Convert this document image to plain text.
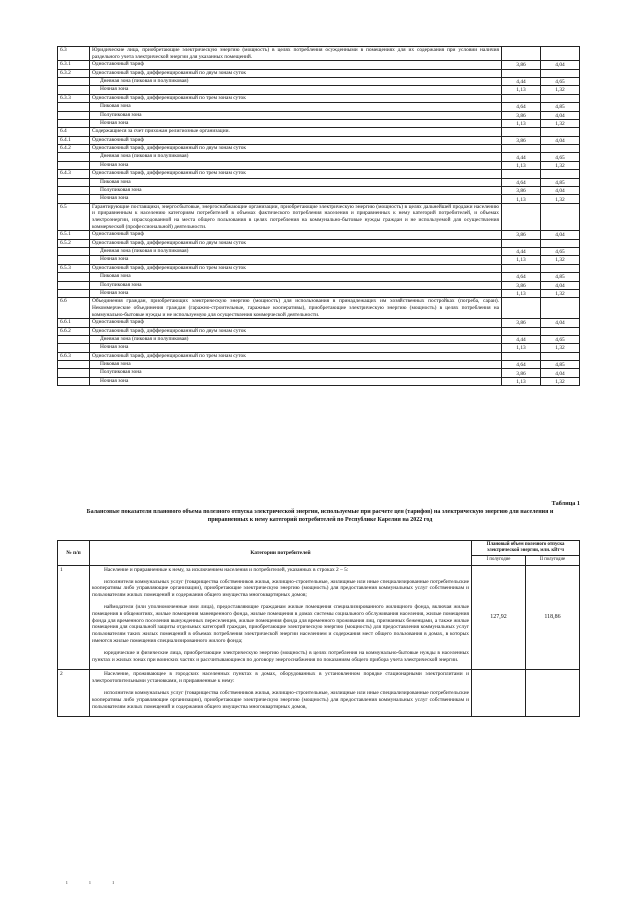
6.3	Юридические лица, приобретающие электрическую энергию (мощность) в целях потребления осужденными в помещениях для их содержания при условии наличия раздельного учета электрической энергии для указанных помещений.		
6.3.1	Одноставочный тариф	3,86	4,04
6.3.2	Одноставочный тариф, дифференцированный по двум зонам суток		
	Дневная зона (пиковая и полупиковая)	4,44	4,65
	Ночная зона	1,13	1,32
6.3.3	Одноставочный тариф, дифференцированный по трем зонам суток		
	Пиковая зона	4,64	4,85
	Полупиковая зона	3,86	4,04
	Ночная зона	1,13	1,32
6.4	Содержащиеся за счет прихожан религиозные организации.		
6.4.1	Одноставочный тариф	3,86	4,04
6.4.2	Одноставочный тариф, дифференцированный по двум зонам суток		
	Дневная зона (пиковая и полупиковая)	4,44	4,65
	Ночная зона	1,13	1,32
6.4.3	Одноставочный тариф, дифференцированный по трем зонам суток		
	Пиковая зона	4,64	4,85
	Полупиковая зона	3,86	4,04
	Ночная зона	1,13	1,32
6.5	Гарантирующие поставщики, энергосбытовые, энергоснабжающие организации, приобретающие электрическую энергию (мощность) в целях дальнейшей продажи населению и приравненным к населению категориям потребителей в объемах фактического потребления населения и приравненных к нему категорий потребителей, и объемах электроэнергии, израсходованной на места общего пользования в целях потребления на коммунально-бытовые нужды граждан и не используемой для осуществления коммерческой (профессиональной) деятельности.		
6.5.1	Одноставочный тариф	3,86	4,04
6.5.2	Одноставочный тариф, дифференцированный по двум зонам суток		
	Дневная зона (пиковая и полупиковая)	4,44	4,65
	Ночная зона	1,13	1,32
6.5.3	Одноставочный тариф, дифференцированный по трем зонам суток		
	Пиковая зона	4,64	4,85
	Полупиковая зона	3,86	4,04
	Ночная зона	1,13	1,32
6.6	Объединения граждан, приобретающих электрическую энергию (мощность) для использования в принадлежащих им хозяйственных постройках (погреба, сараи). Некоммерческие объединения граждан (гаражно-строительные, гаражные кооперативы), приобретающие электрическую энергию (мощность) в целях потребления на коммунально-бытовые нужды и не используемую для осуществления коммерческой деятельности.		
6.6.1	Одноставочный тариф	3,86	4,04
6.6.2	Одноставочный тариф, дифференцированный по двум зонам суток		
	Дневная зона (пиковая и полупиковая)	4,44	4,65
	Ночная зона	1,13	1,32
6.6.3	Одноставочный тариф, дифференцированный по трем зонам суток		
	Пиковая зона	4,64	4,85
	Полупиковая зона	3,86	4,04
	Ночная зона	1,13	1,32
Таблица 1
Балансовые показатели планового объема полезного отпуска электрической энергии, используемые при расчете цен (тарифов) на электрическую энергию для населения и приравненных к нему категорий потребителей по Республике Карелия на 2022 год
№ п/п	Категории потребителей	Плановый объем полезного отпуска электрической энергии, млн. кВт·ч	
		I полугодие	II полугодие
1	Население и приравненные к нему, за исключением населения и потребителей, указанных в строках 2 – 5:

исполнители коммунальных услуг (товарищества собственников жилья, жилищно-строительные, жилищные или иные специализированные потребительские кооперативы либо управляющие организации), приобретающие электрическую энергию (мощность) для предоставления коммунальных услуг собственникам и пользователям жилых помещений и содержания общего имущества многоквартирных домов;

наймодатели (или уполномоченные ими лица), предоставляющие гражданам жилые помещения специализированного жилищного фонда, включая жилые помещения в общежитиях, жилые помещения маневренного фонда, жилые помещения в домах системы социального обслуживания населения, жилые помещения фонда для временного поселения вынужденных переселенцев, жилые помещения фонда для временного проживания лиц, признанных беженцами, а также жилые помещения для социальной защиты отдельных категорий граждан, приобретающие электрическую энергию (мощность) для предоставления коммунальных услуг пользователям таких жилых помещений в объемах потребления электрической энергии населением и содержания мест общего пользования в домах, в которых имеются жилые помещения специализированного жилого фонда;

юридические и физические лица, приобретающие электрическую энергию (мощность) в целях потребления на коммунально-бытовые нужды в населенных пунктах и жилых зонах при воинских частях и рассчитывающиеся по договору энергоснабжения по показаниям общего прибора учета электрической энергии.	127,92	118,86
2	Население, проживающее в городских населенных пунктах в домах, оборудованных в установленном порядке стационарными электроплитами и электроотопительными установками, и приравненные к нему:

исполнители коммунальных услуг (товарищества собственников жилья, жилищно-строительные, жилищные или иные специализированные потребительские кооперативы либо управляющие организации), приобретающие электрическую энергию (мощность) для предоставления коммунальных услуг собственникам и пользователям жилых помещений и содержания общего имущества многоквартирных домов,		

ı ı ı
